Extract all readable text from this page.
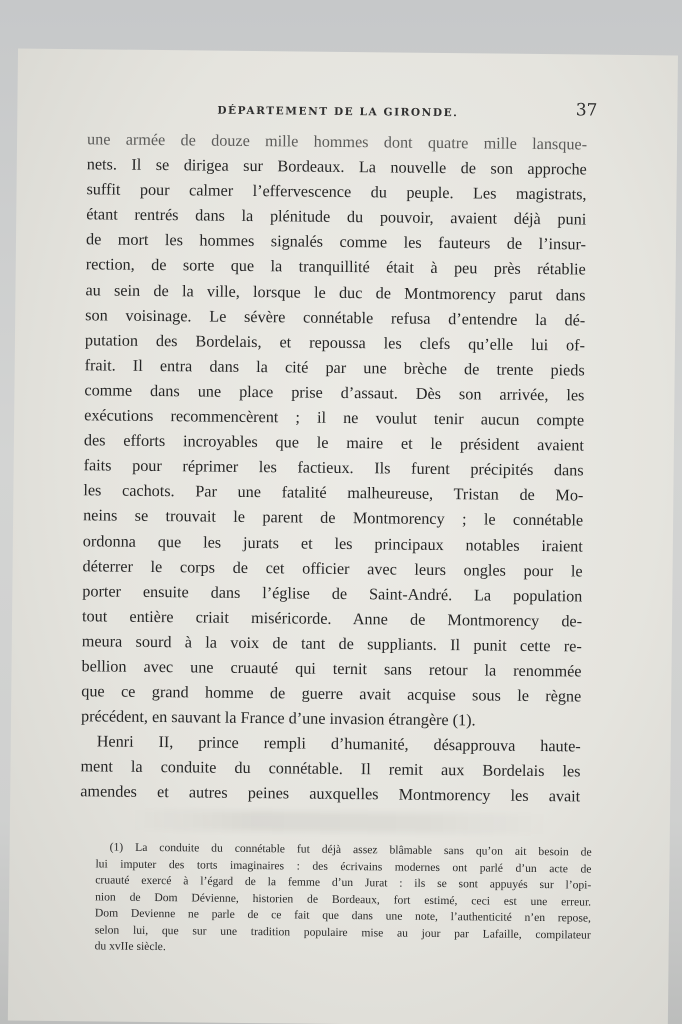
DÉPARTEMENT DE LA GIRONDE.	37
une armée de douze mille hommes dont quatre mille lansque-
nets. Il se dirigea sur Bordeaux. La nouvelle de son approche
suffit pour calmer l’effervescence du peuple. Les magistrats,
étant rentrés dans la plénitude du pouvoir, avaient déjà puni
de mort les hommes signalés comme les fauteurs de l’insur-
rection, de sorte que la tranquillité était à peu près rétablie
au sein de la ville, lorsque le duc de Montmorency parut dans
son voisinage. Le sévère connétable refusa d’entendre la dé-
putation des Bordelais, et repoussa les clefs qu’elle lui of-
frait. Il entra dans la cité par une brèche de trente pieds
comme dans une place prise d’assaut. Dès son arrivée, les
exécutions recommencèrent ; il ne voulut tenir aucun compte
des efforts incroyables que le maire et le président avaient
faits pour réprimer les factieux. Ils furent précipités dans
les cachots. Par une fatalité malheureuse, Tristan de Mo-
neins se trouvait le parent de Montmorency ; le connétable
ordonna que les jurats et les principaux notables iraient
déterrer le corps de cet officier avec leurs ongles pour le
porter ensuite dans l’église de Saint-André. La population
tout entière criait miséricorde. Anne de Montmorency de-
meura sourd à la voix de tant de suppliants. Il punit cette re-
bellion avec une cruauté qui ternit sans retour la renommée
que ce grand homme de guerre avait acquise sous le règne
précédent, en sauvant la France d’une invasion étrangère (1).
Henri II, prince rempli d’humanité, désapprouva haute-
ment la conduite du connétable. Il remit aux Bordelais les
amendes et autres peines auxquelles Montmorency les avait
(1) La conduite du connétable fut déjà assez blâmable sans qu’on ait besoin de
lui imputer des torts imaginaires : des écrivains modernes ont parlé d’un acte de
cruauté exercé à l’égard de la femme d’un Jurat : ils se sont appuyés sur l’opi-
nion de Dom Dévienne, historien de Bordeaux, fort estimé, ceci est une erreur.
Dom Devienne ne parle de ce fait que dans une note, l’authenticité n’en repose,
selon lui, que sur une tradition populaire mise au jour par Lafaille, compilateur
du xvIIe siècle.
